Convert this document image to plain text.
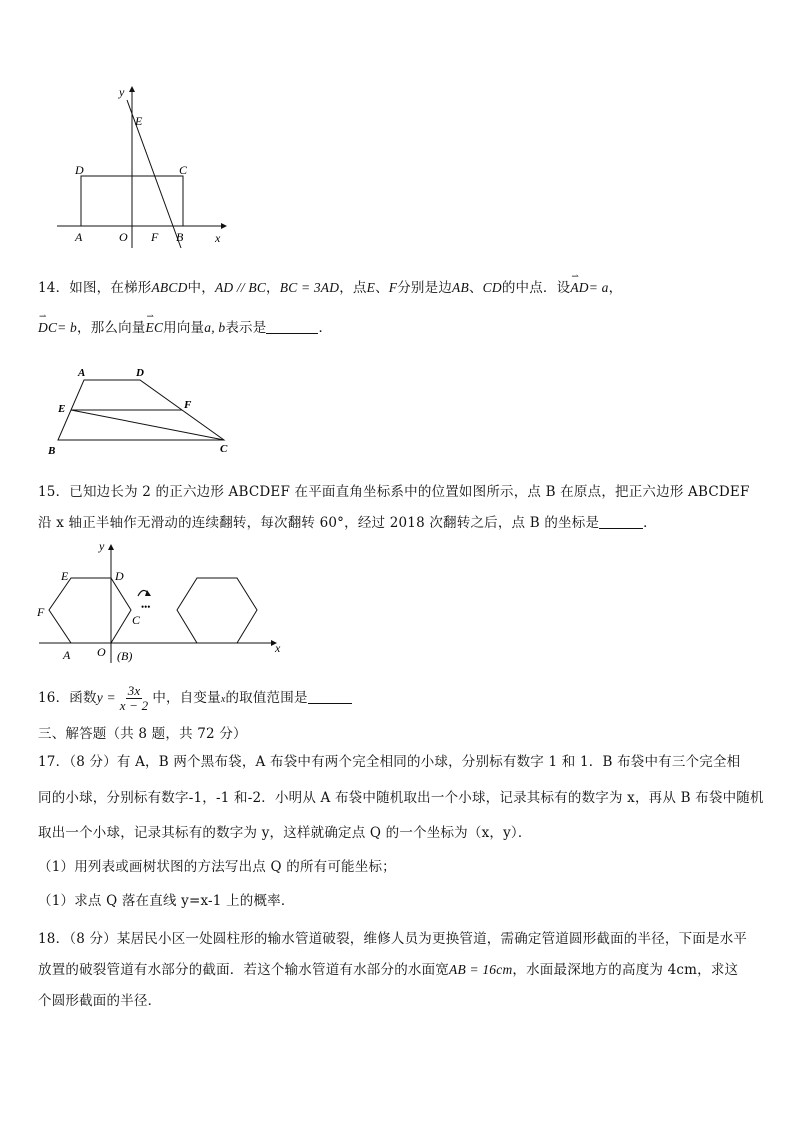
y
E
D	C
A	O F B	x
14．如图，在梯形ABCD中，AD // BC，BC = 3AD，点E、F分别是边AB、CD的中点．设⇀ AD= a，
⇀ DC= b，那么向量⇀ EC用向量a, b表示是	．
A	D
E	F
B	C
15．已知边长为 2 的正六边形 ABCDEF 在平面直角坐标系中的位置如图所示，点 B 在原点，把正六边形 ABCDEF
沿 x 轴正半轴作无滑动的连续翻转，每次翻转 60°，经过 2018 次翻转之后，点 B 的坐标是	．
•••
y
E	D
F
C
A O (B)
x
16．函数$y = \frac{3x}{x - 2}$ 中，自变量x的取值范围是
三、解答题（共 8 题，共 72 分）
17．（8 分）有 A，B 两个黑布袋，A 布袋中有两个完全相同的小球，分别标有数字 1 和 1．B 布袋中有三个完全相
同的小球，分别标有数字-1，-1 和-2．小明从 A 布袋中随机取出一个小球，记录其标有的数字为 x，再从 B 布袋中随机
取出一个小球，记录其标有的数字为 y，这样就确定点 Q 的一个坐标为（x，y）．
（1）用列表或画树状图的方法写出点 Q 的所有可能坐标；
（1）求点 Q 落在直线 y=x-1 上的概率．
18．（8 分）某居民小区一处圆柱形的输水管道破裂，维修人员为更换管道，需确定管道圆形截面的半径，下面是水平
放置的破裂管道有水部分的截面．若这个输水管道有水部分的水面宽AB = 16cm，水面最深地方的高度为 4cm，求这
个圆形截面的半径．
